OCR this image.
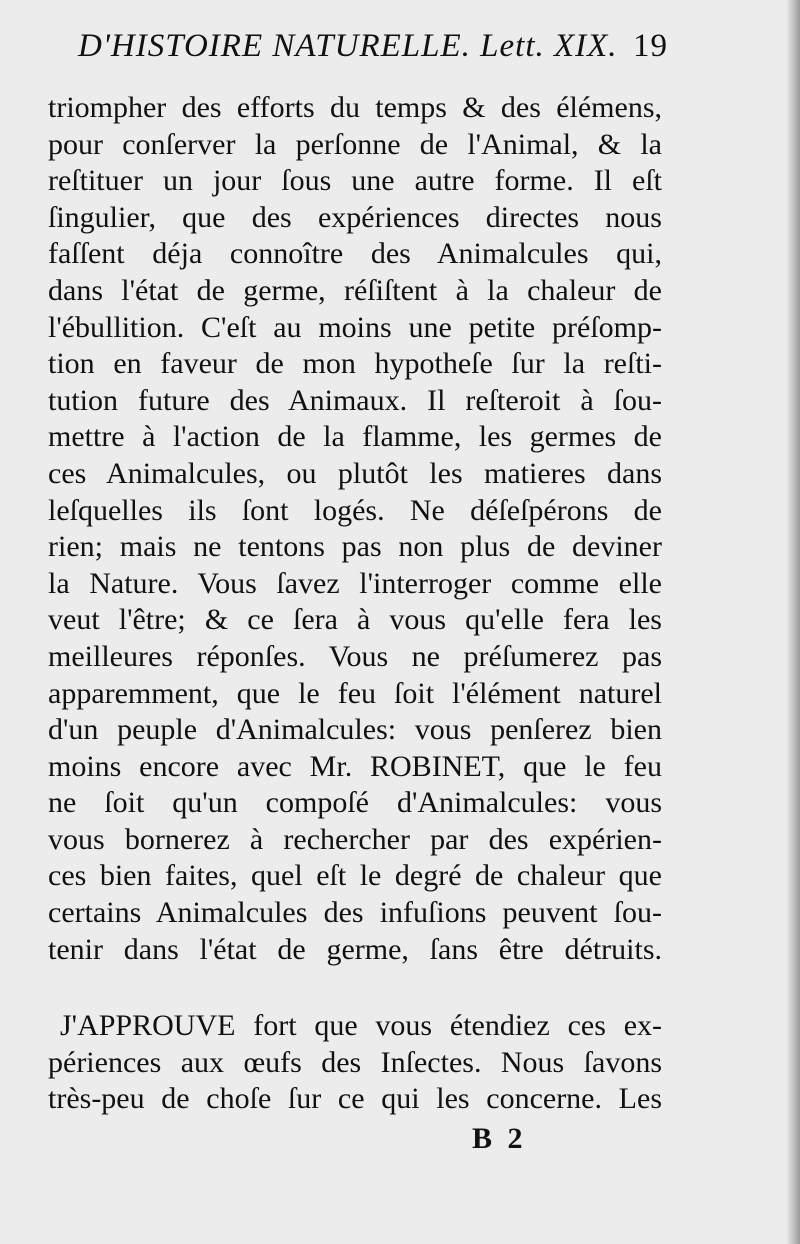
D'HISTOIRE NATURELLE. Lett. XIX. 19
triompher des efforts du temps & des élémens,
pour conſerver la perſonne de l'Animal, & la
reſtituer un jour ſous une autre forme. Il eſt
ſingulier, que des expériences directes nous
faſſent déja connoître des Animalcules qui,
dans l'état de germe, réſiſtent à la chaleur de
l'ébullition. C'eſt au moins une petite préſomp-
tion en faveur de mon hypotheſe ſur la reſti-
tution future des Animaux. Il reſteroit à ſou-
mettre à l'action de la flamme, les germes de
ces Animalcules, ou plutôt les matieres dans
leſquelles ils ſont logés. Ne déſeſpérons de
rien; mais ne tentons pas non plus de deviner
la Nature. Vous ſavez l'interroger comme elle
veut l'être; & ce ſera à vous qu'elle fera les
meilleures réponſes. Vous ne préſumerez pas
apparemment, que le feu ſoit l'élément naturel
d'un peuple d'Animalcules: vous penſerez bien
moins encore avec Mr. ROBINET, que le feu
ne ſoit qu'un compoſé d'Animalcules: vous
vous bornerez à rechercher par des expérien-
ces bien faites, quel eſt le degré de chaleur que
certains Animalcules des infuſions peuvent ſou-
tenir dans l'état de germe, ſans être détruits.
J'APPROUVE fort que vous étendiez ces ex-
périences aux œufs des Inſectes. Nous ſavons
très-peu de choſe ſur ce qui les concerne. Les
B 2
